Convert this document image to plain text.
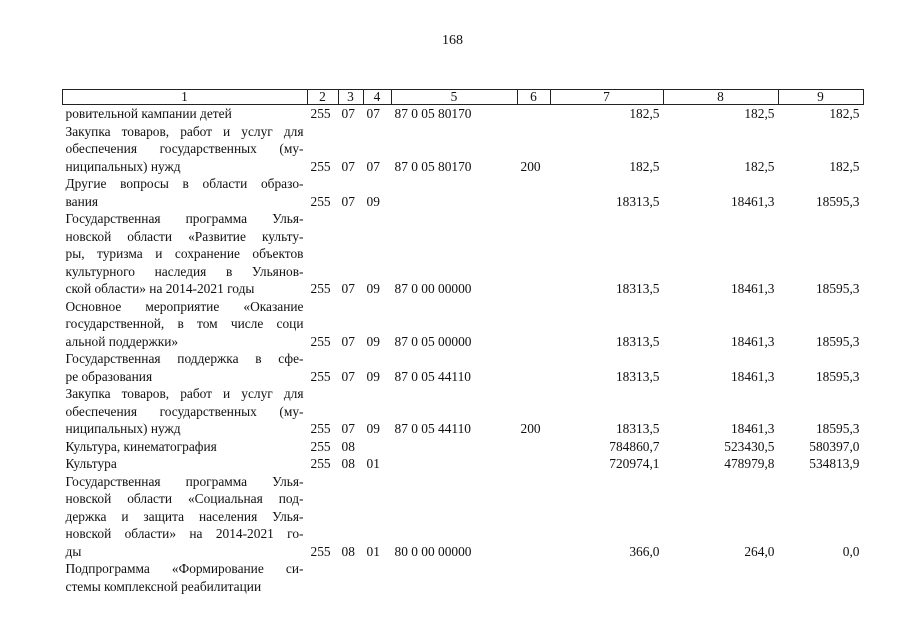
168
1	2	3	4	5	6	7	8	9
ровительной кампании детей	255	07	07	87 0 05 80170		182,5	182,5	182,5
Закупка товаров, работ и услуг для								
обеспечения государственных (му-								
ниципальных) нужд	255	07	07	87 0 05 80170	200	182,5	182,5	182,5
Другие вопросы в области образо-								
вания	255	07	09			18313,5	18461,3	18595,3
Государственная программа Улья-								
новской области «Развитие культу-								
ры, туризма и сохранение объектов								
культурного наследия в Ульянов-								
ской области» на 2014-2021 годы	255	07	09	87 0 00 00000		18313,5	18461,3	18595,3
Основное мероприятие «Оказание								
государственной, в том числе соци								
альной поддержки»	255	07	09	87 0 05 00000		18313,5	18461,3	18595,3
Государственная поддержка в сфе-								
ре образования	255	07	09	87 0 05 44110		18313,5	18461,3	18595,3
Закупка товаров, работ и услуг для								
обеспечения государственных (му-								
ниципальных) нужд	255	07	09	87 0 05 44110	200	18313,5	18461,3	18595,3
Культура, кинематография	255	08				784860,7	523430,5	580397,0
Культура	255	08	01			720974,1	478979,8	534813,9
Государственная программа Улья-								
новской области «Социальная под-								
держка и защита населения Улья-								
новской области» на 2014-2021 го-								
ды	255	08	01	80 0 00 00000		366,0	264,0	0,0
Подпрограмма «Формирование си-								
стемы комплексной реабилитации								
